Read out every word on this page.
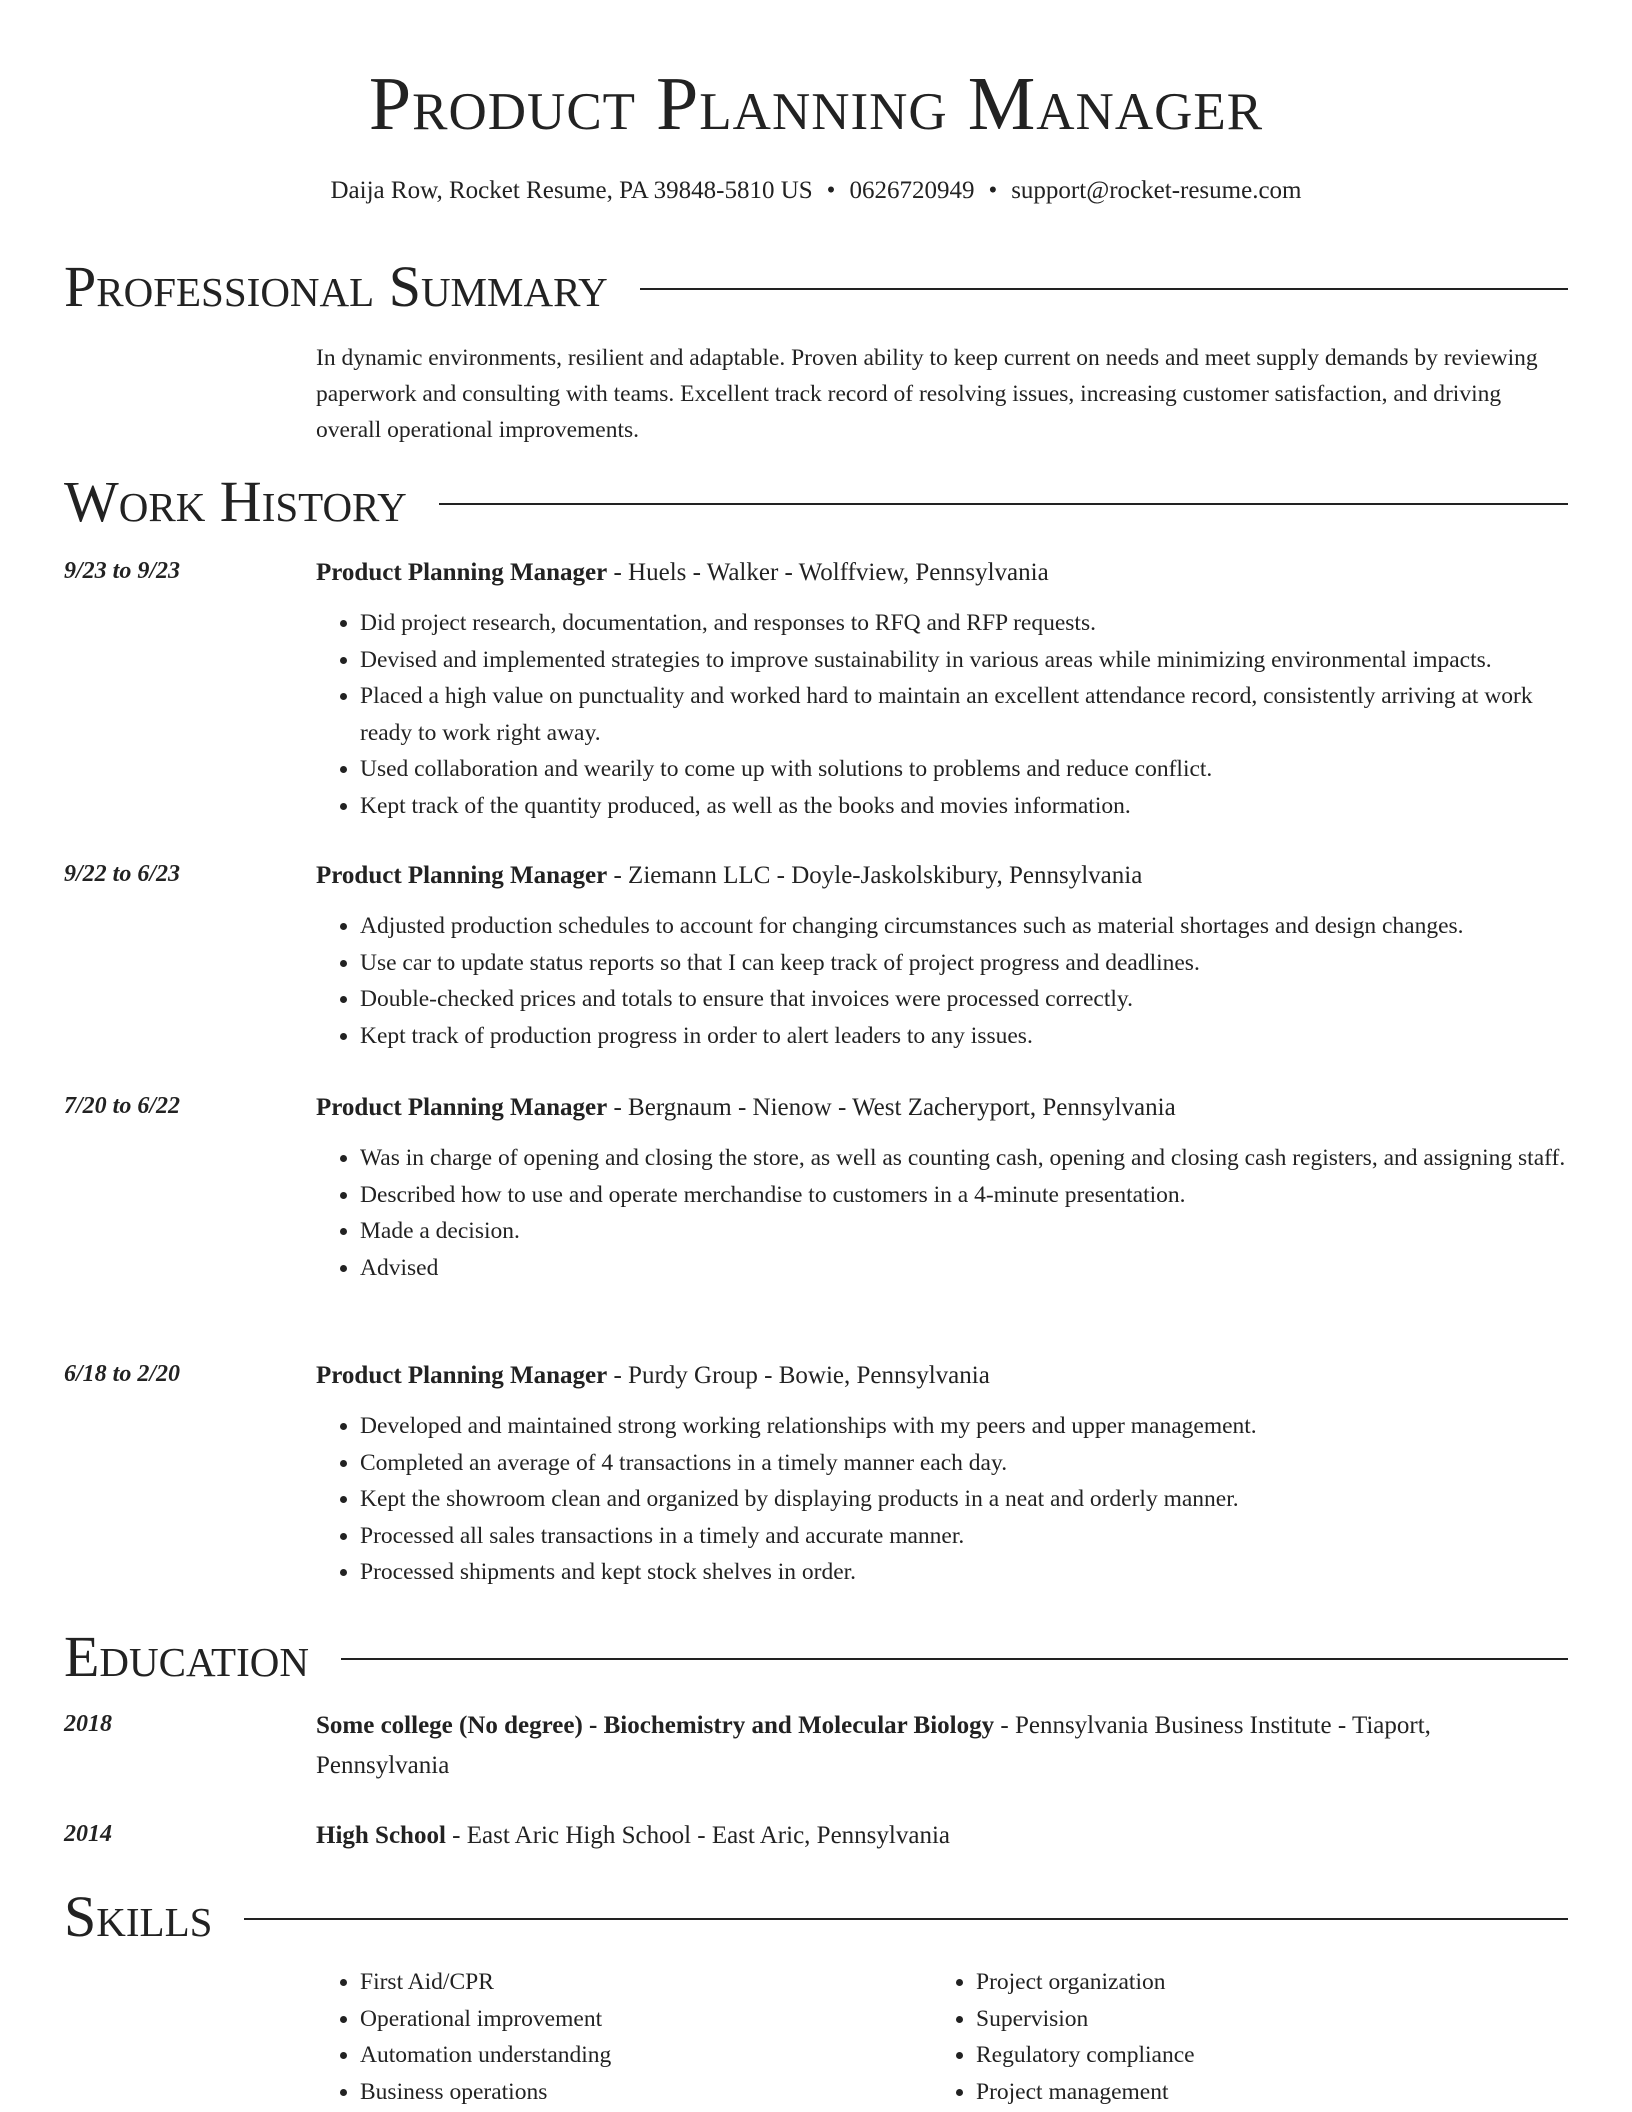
Product Planning Manager

Daija Row, Rocket Resume, PA 39848-5810 US • 0626720949 • support@rocket-resume.com

Professional Summary

In dynamic environments, resilient and adaptable. Proven ability to keep current on needs and meet supply demands by reviewing paperwork and consulting with teams. Excellent track record of resolving issues, increasing customer satisfaction, and driving overall operational improvements.

Work History
9/23 to 9/23	Product Planning Manager - Huels - Walker - Wolffview, Pennsylvania
• Did project research, documentation, and responses to RFQ and RFP requests.
• Devised and implemented strategies to improve sustainability in various areas while minimizing environmental impacts.
• Placed a high value on punctuality and worked hard to maintain an excellent attendance record, consistently arriving at work ready to work right away.
• Used collaboration and wearily to come up with solutions to problems and reduce conflict.
• Kept track of the quantity produced, as well as the books and movies information.
9/22 to 6/23	Product Planning Manager - Ziemann LLC - Doyle-Jaskolskibury, Pennsylvania
• Adjusted production schedules to account for changing circumstances such as material shortages and design changes.
• Use car to update status reports so that I can keep track of project progress and deadlines.
• Double-checked prices and totals to ensure that invoices were processed correctly.
• Kept track of production progress in order to alert leaders to any issues.
7/20 to 6/22	Product Planning Manager - Bergnaum - Nienow - West Zacheryport, Pennsylvania
• Was in charge of opening and closing the store, as well as counting cash, opening and closing cash registers, and assigning staff.
• Described how to use and operate merchandise to customers in a 4-minute presentation.
• Made a decision.
• Advised
6/18 to 2/20	Product Planning Manager - Purdy Group - Bowie, Pennsylvania
• Developed and maintained strong working relationships with my peers and upper management.
• Completed an average of 4 transactions in a timely manner each day.
• Kept the showroom clean and organized by displaying products in a neat and orderly manner.
• Processed all sales transactions in a timely and accurate manner.
• Processed shipments and kept stock shelves in order.
Education
2018	Some college (No degree) - Biochemistry and Molecular Biology - Pennsylvania Business Institute - Tiaport, Pennsylvania
2014	High School - East Aric High School - East Aric, Pennsylvania
Skills
• First Aid/CPR
• Operational improvement
• Automation understanding
• Business operations
• Project organization
• Supervision
• Regulatory compliance
• Project management
